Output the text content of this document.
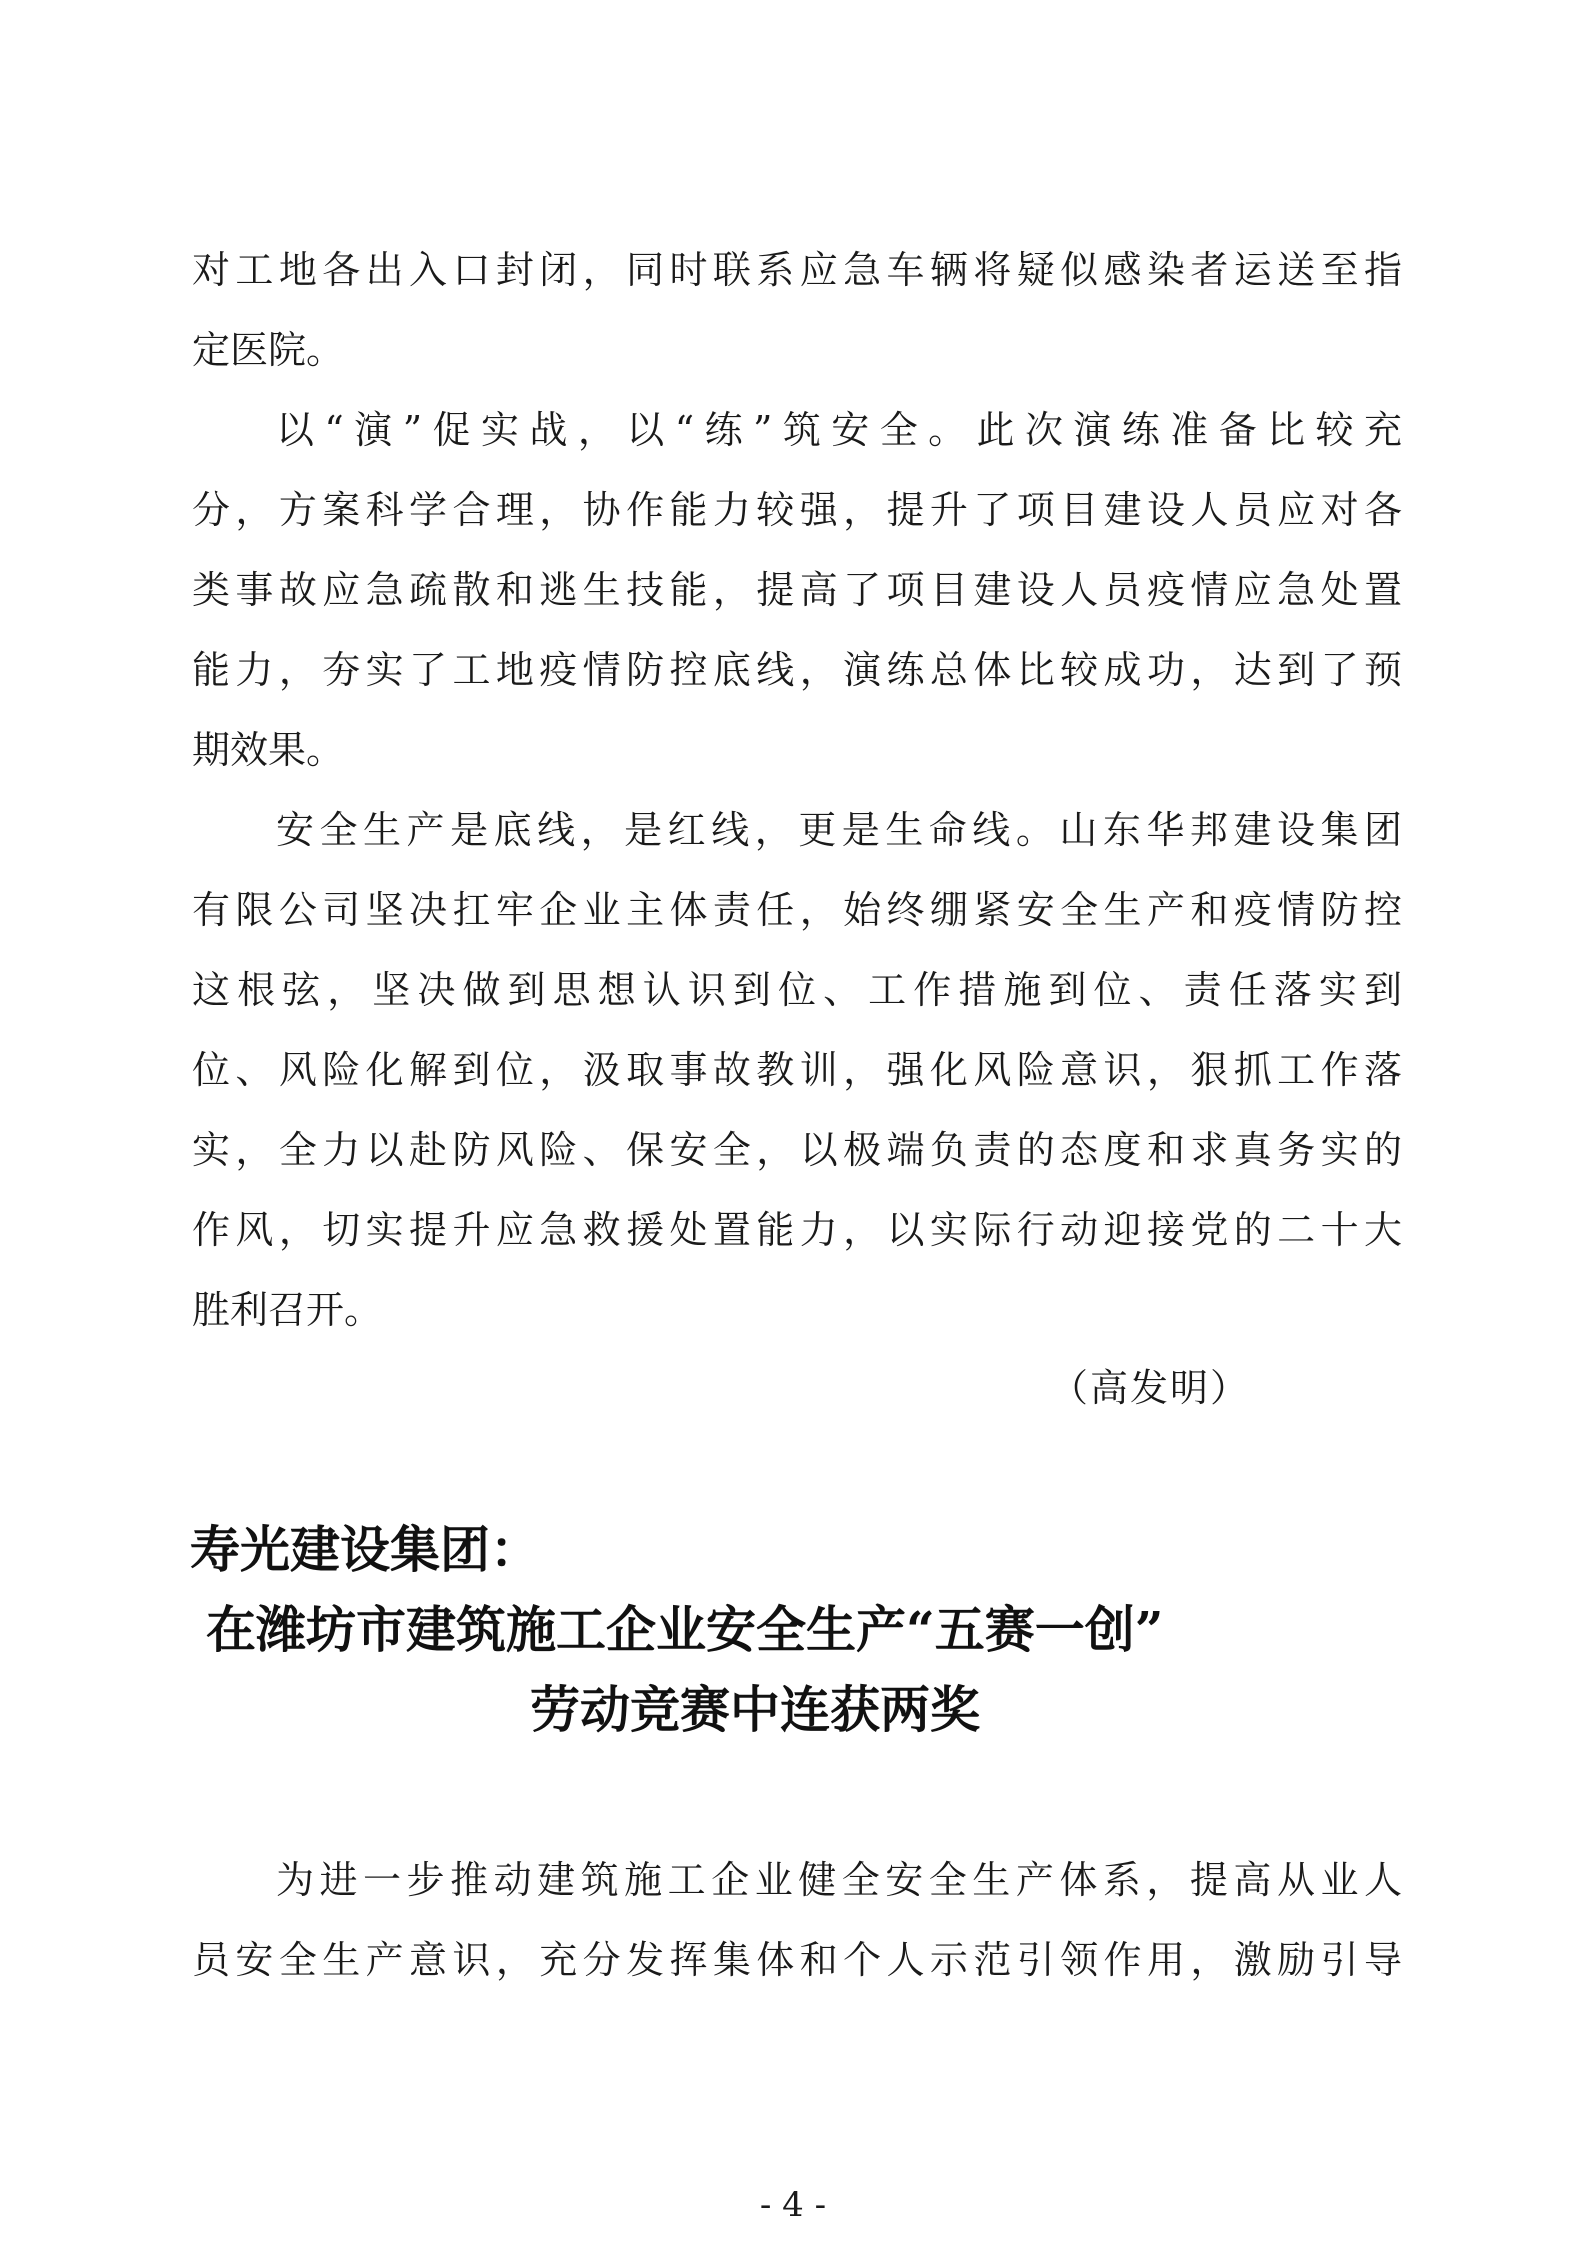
对工地各出入口封闭，同时联系应急车辆将疑似感染者运送至指
定医院。
以“演”促实战，以“练”筑安全。此次演练准备比较充
分，方案科学合理，协作能力较强，提升了项目建设人员应对各
类事故应急疏散和逃生技能，提高了项目建设人员疫情应急处置
能力，夯实了工地疫情防控底线，演练总体比较成功，达到了预
期效果。
安全生产是底线，是红线，更是生命线。山东华邦建设集团
有限公司坚决扛牢企业主体责任，始终绷紧安全生产和疫情防控
这根弦，坚决做到思想认识到位、工作措施到位、责任落实到
位、风险化解到位，汲取事故教训，强化风险意识，狠抓工作落
实，全力以赴防风险、保安全，以极端负责的态度和求真务实的
作风，切实提升应急救援处置能力，以实际行动迎接党的二十大
胜利召开。
（高发明）
寿光建设集团：
在潍坊市建筑施工企业安全生产“五赛一创”
劳动竞赛中连获两奖
为进一步推动建筑施工企业健全安全生产体系，提高从业人
员安全生产意识，充分发挥集体和个人示范引领作用，激励引导
- 4 -
